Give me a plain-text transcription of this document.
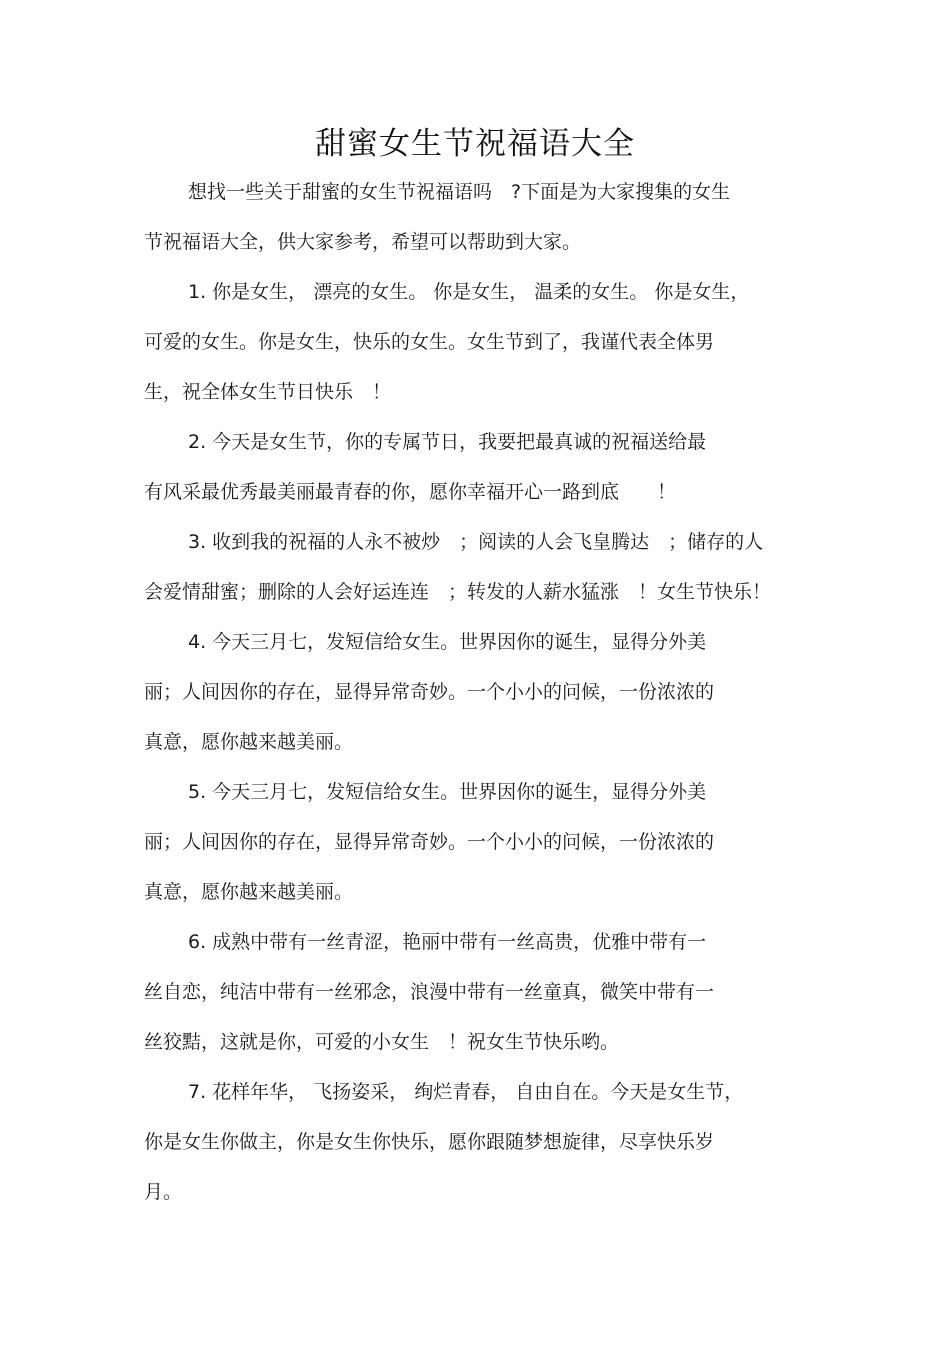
甜蜜女生节祝福语大全
想找一些关于甜蜜的女生节祝福语吗　?下面是为大家搜集的女生
节祝福语大全，供大家参考，希望可以帮助到大家。
1. 你是女生， 漂亮的女生。 你是女生， 温柔的女生。 你是女生，
可爱的女生。你是女生，快乐的女生。女生节到了，我谨代表全体男
生，祝全体女生节日快乐　！
2. 今天是女生节，你的专属节日，我要把最真诚的祝福送给最
有风采最优秀最美丽最青春的你，愿你幸福开心一路到底　　！
3. 收到我的祝福的人永不被炒　；阅读的人会飞皇腾达　；储存的人
会爱情甜蜜；删除的人会好运连连　；转发的人薪水猛涨　！女生节快乐！
4. 今天三月七，发短信给女生。世界因你的诞生，显得分外美
丽；人间因你的存在，显得异常奇妙。一个小小的问候，一份浓浓的
真意，愿你越来越美丽。
5. 今天三月七，发短信给女生。世界因你的诞生，显得分外美
丽；人间因你的存在，显得异常奇妙。一个小小的问候，一份浓浓的
真意，愿你越来越美丽。
6. 成熟中带有一丝青涩，艳丽中带有一丝高贵，优雅中带有一
丝自恋，纯洁中带有一丝邪念，浪漫中带有一丝童真，微笑中带有一
丝狡黠，这就是你，可爱的小女生　！祝女生节快乐哟。
7. 花样年华， 飞扬姿采， 绚烂青春， 自由自在。今天是女生节，
你是女生你做主，你是女生你快乐，愿你跟随梦想旋律，尽享快乐岁
月。
